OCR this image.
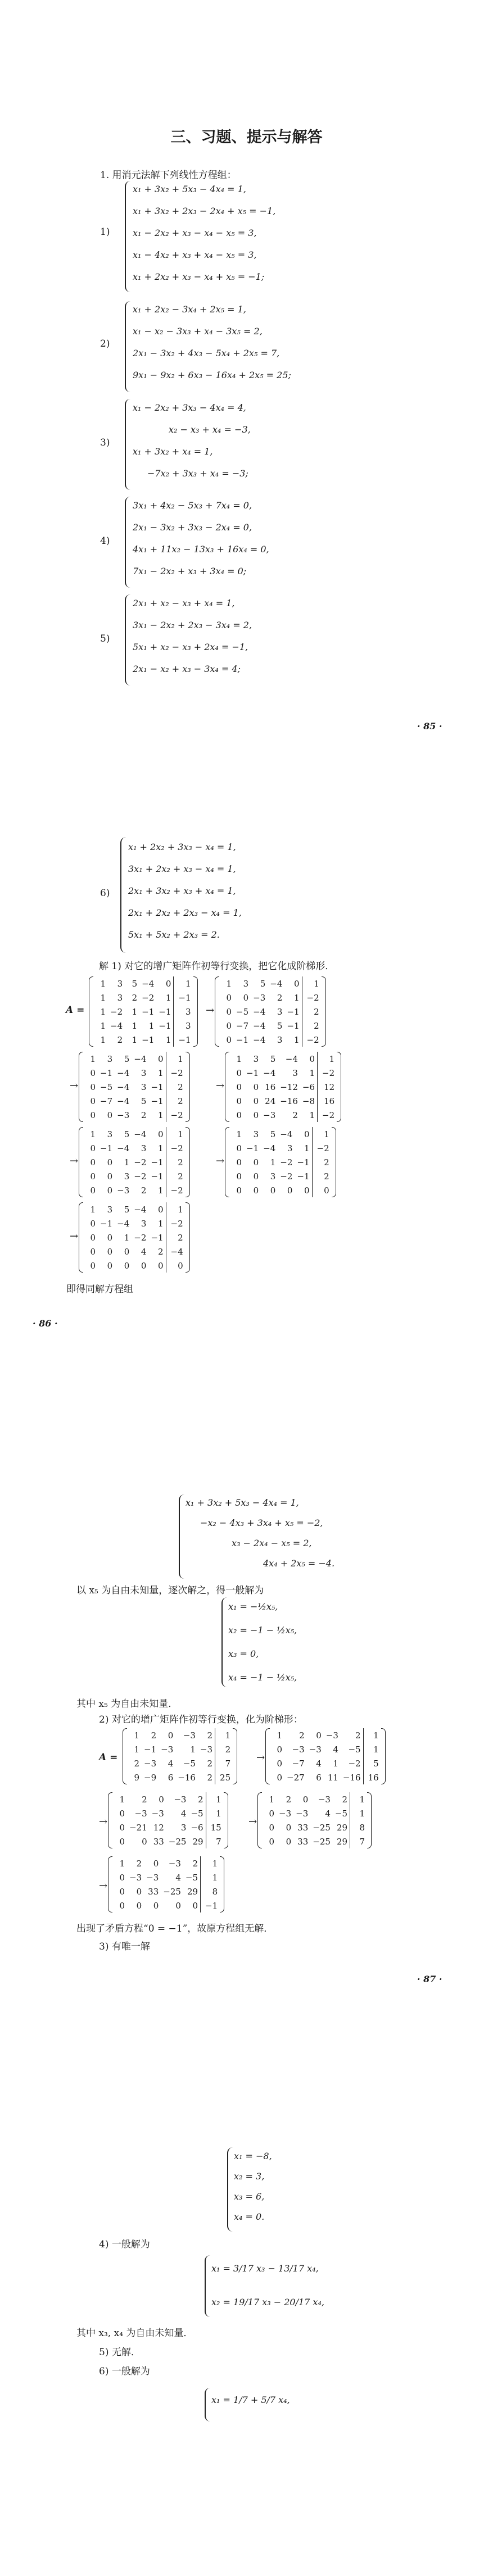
三、习题、提示与解答
1. 用消元法解下列线性方程组：
1)
x₁ + 3x₂ + 5x₃ − 4x₄ = 1,
x₁ + 3x₂ + 2x₃ − 2x₄ + x₅ = −1,
x₁ − 2x₂ + x₃ − x₄ − x₅ = 3,
x₁ − 4x₂ + x₃ + x₄ − x₅ = 3,
x₁ + 2x₂ + x₃ − x₄ + x₅ = −1;
2)
x₁ + 2x₂ − 3x₄ + 2x₅ = 1,
x₁ − x₂ − 3x₃ + x₄ − 3x₅ = 2,
2x₁ − 3x₂ + 4x₃ − 5x₄ + 2x₅ = 7,
9x₁ − 9x₂ + 6x₃ − 16x₄ + 2x₅ = 25;
3)
x₁ − 2x₂ + 3x₃ − 4x₄ = 4,
x₂ − x₃ + x₄ = −3,
x₁ + 3x₂ + x₄ = 1,
−7x₂ + 3x₃ + x₄ = −3;
4)
3x₁ + 4x₂ − 5x₃ + 7x₄ = 0,
2x₁ − 3x₂ + 3x₃ − 2x₄ = 0,
4x₁ + 11x₂ − 13x₃ + 16x₄ = 0,
7x₁ − 2x₂ + x₃ + 3x₄ = 0;
5)
2x₁ + x₂ − x₃ + x₄ = 1,
3x₁ − 2x₂ + 2x₃ − 3x₄ = 2,
5x₁ + x₂ − x₃ + 2x₄ = −1,
2x₁ − x₂ + x₃ − 3x₄ = 4;
· 85 ·
6)
x₁ + 2x₂ + 3x₃ − x₄ = 1,
3x₁ + 2x₂ + x₃ − x₄ = 1,
2x₁ + 3x₂ + x₃ + x₄ = 1,
2x₁ + 2x₂ + 2x₃ − x₄ = 1,
5x₁ + 5x₂ + 2x₃ = 2.
解 1) 对它的增广矩阵作初等行变换，把它化成阶梯形．
A =
1	3	5	−4	0		1
1	3	2	−2	1		−1
1	−2	1	−1	−1		3
1	−4	1	1	−1		3
1	2	1	−1	1		−1
→
1	3	5	−4	0		1
0	0	−3	2	1		−2
0	−5	−4	3	−1		2
0	−7	−4	5	−1		2
0	−1	−4	3	1		−2
→
1	3	5	−4	0		1
0	−1	−4	3	1		−2
0	−5	−4	3	−1		2
0	−7	−4	5	−1		2
0	0	−3	2	1		−2
→
1	3	5	−4	0		1
0	−1	−4	3	1		−2
0	0	16	−12	−6		12
0	0	24	−16	−8		16
0	0	−3	2	1		−2
→
1	3	5	−4	0		1
0	−1	−4	3	1		−2
0	0	1	−2	−1		2
0	0	3	−2	−1		2
0	0	−3	2	1		−2
→
1	3	5	−4	0		1
0	−1	−4	3	1		−2
0	0	1	−2	−1		2
0	0	3	−2	−1		2
0	0	0	0	0		0
→
1	3	5	−4	0		1
0	−1	−4	3	1		−2
0	0	1	−2	−1		2
0	0	0	4	2		−4
0	0	0	0	0		0
即得同解方程组
· 86 ·
x₁ + 3x₂ + 5x₃ − 4x₄ = 1,
−x₂ − 4x₃ + 3x₄ + x₅ = −2,
x₃ − 2x₄ − x₅ = 2,
4x₄ + 2x₅ = −4.
以 x₅ 为自由未知量，逐次解之，得一般解为
x₁ = −½x₅,
x₂ = −1 − ½x₅,
x₃ = 0,
x₄ = −1 − ½x₅,
其中 x₅ 为自由未知量．
2) 对它的增广矩阵作初等行变换，化为阶梯形：
A =
1	2	0	−3	2		1
1	−1	−3	1	−3		2
2	−3	4	−5	2		7
9	−9	6	−16	2		25
→
1	2	0	−3	2		1
0	−3	−3	4	−5		1
0	−7	4	1	−2		5
0	−27	6	11	−16		16
→
1	2	0	−3	2		1
0	−3	−3	4	−5		1
0	−21	12	3	−6		15
0	0	33	−25	29		7
→
1	2	0	−3	2		1
0	−3	−3	4	−5		1
0	0	33	−25	29		8
0	0	33	−25	29		7
→
1	2	0	−3	2		1
0	−3	−3	4	−5		1
0	0	33	−25	29		8
0	0	0	0	0		−1
出现了矛盾方程“0 = −1”，故原方程组无解．
3) 有唯一解
· 87 ·
x₁ = −8,
x₂ = 3,
x₃ = 6,
x₄ = 0.
4) 一般解为
x₁ = 3/17 x₃ − 13/17 x₄,
x₂ = 19/17 x₃ − 20/17 x₄,
其中 x₃, x₄ 为自由未知量．
5) 无解．
6) 一般解为
x₁ = 1/7 + 5/7 x₄,
